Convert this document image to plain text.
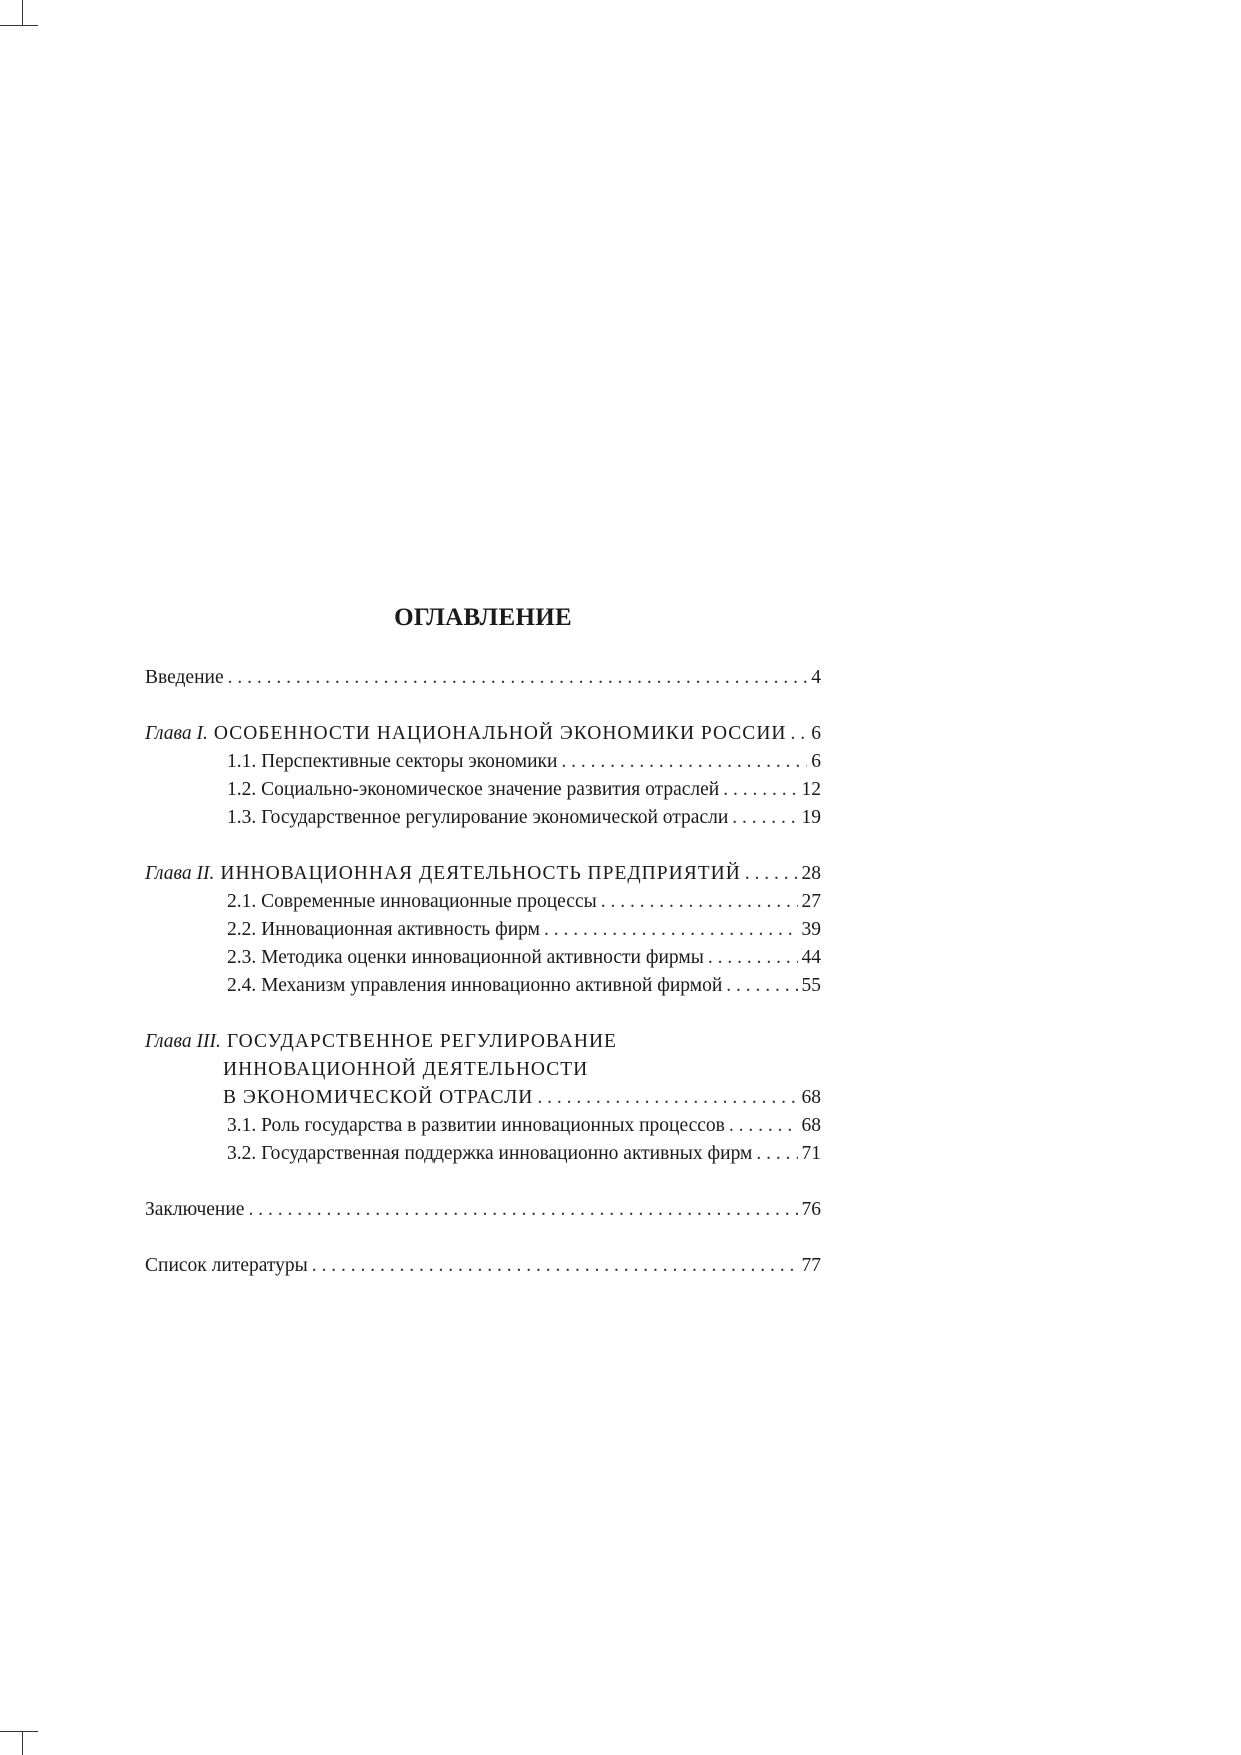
ОГЛАВЛЕНИЕ
Введение . . .	4
Глава I. ОСОБЕННОСТИ НАЦИОНАЛЬНОЙ ЭКОНОМИКИ РОССИИ . . . 6
1.1. Перспективные секторы экономики . . .	6
1.2. Социально-экономическое значение развития отраслей . . .	12
1.3. Государственное регулирование экономической отрасли . . .	19
Глава II. ИННОВАЦИОННАЯ ДЕЯТЕЛЬНОСТЬ ПРЕДПРИЯТИЙ . . .	28
2.1. Современные инновационные процессы . . .	27
2.2. Инновационная активность фирм . . .	39
2.3. Методика оценки инновационной активности фирмы . . .	44
2.4. Механизм управления инновационно активной фирмой . . .	55
Глава III. ГОСУДАРСТВЕННОЕ РЕГУЛИРОВАНИЕ
ИННОВАЦИОННОЙ ДЕЯТЕЛЬНОСТИ
В ЭКОНОМИЧЕСКОЙ ОТРАСЛИ . . .	68
3.1. Роль государства в развитии инновационных процессов . . .	68
3.2. Государственная поддержка инновационно активных фирм . . .	71
Заключение . . .	76
Список литературы . . .	77
